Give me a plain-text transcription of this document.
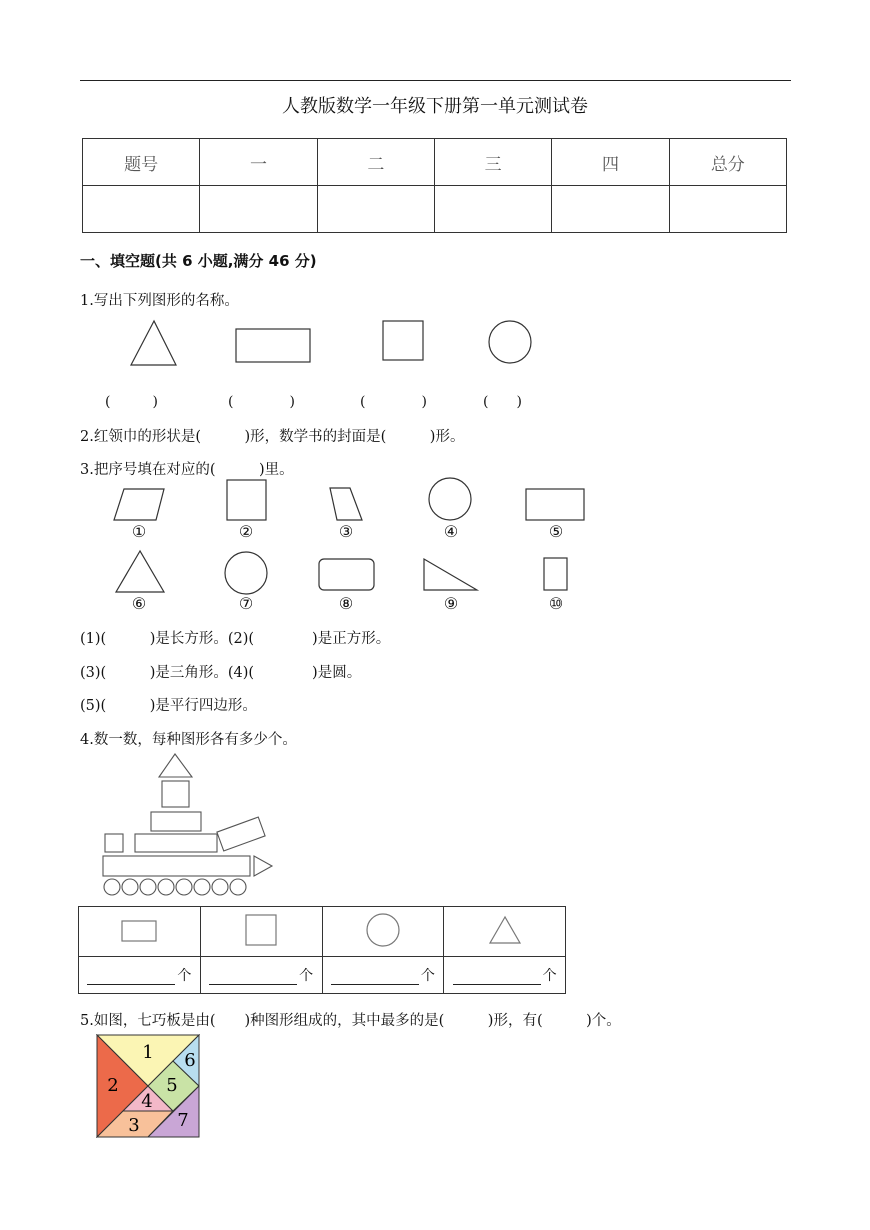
人教版数学一年级下册第一单元测试卷
题号	一	二	三	四	总分

一、填空题(共 6 小题,满分 46 分)
1.写出下列图形的名称。
(　　　)	(　　　　)	(　　　　)	(　　)
2.红领巾的形状是(　　　)形，数学书的封面是(　　　)形。
3.把序号填在对应的(　　　)里。
①	②	③	④	⑤
⑥	⑦	⑧	⑨	⑩
(1)(　　　)是长方形。(2)(　　　　)是正方形。
(3)(　　　)是三角形。(4)(　　　　)是圆。
(5)(　　　)是平行四边形。
4.数一数，每种图形各有多少个。

个	个	个	个
5.如图，七巧板是由(　　)种图形组成的，其中最多的是(　　　)形，有(　　　)个。
1
2
3
4
5
6
7
